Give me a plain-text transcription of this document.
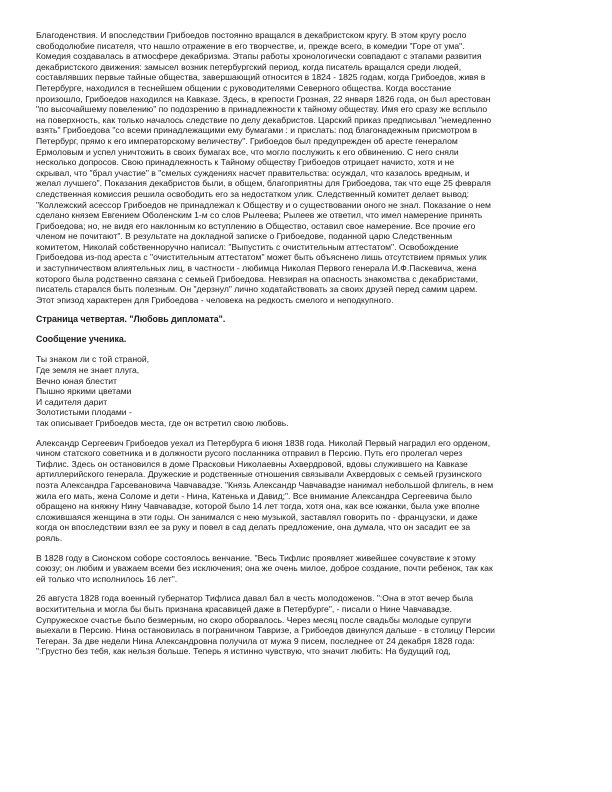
Благоденствия. И впоследствии Грибоедов постоянно вращался в декабристском кругу. В этом кругу росло

свободолюбие писателя, что нашло отражение в его творчестве, и, прежде всего, в комедии "Горе от ума".

Комедия создавалась в атмосфере декабризма. Этапы работы хронологически совпадают с этапами развития

декабристского движения: замысел возник петербургский период, когда писатель вращался среди людей,

составлявших первые тайные общества, завершающий относится в 1824 - 1825 годам, когда Грибоедов, живя в

Петербурге, находился в теснейшем общении с руководителями Северного общества. Когда восстание

произошло, Грибоедов находился на Кавказе. Здесь, в крепости Грозная, 22 января 1826 года, он был арестован

"по высочайшему повелению" по подозрению в принадлежности к тайному обществу. Имя его сразу же всплыло

на поверхность, как только началось следствие по делу декабристов. Царский приказ предписывал "немедленно

взять" Грибоедова "со всеми принадлежащими ему бумагами : и прислать: под благонадежным присмотром в

Петербург, прямо к его императорскому величеству". Грибоедов был предупрежден об аресте генералом

Ермоловым и успел уничтожить в своих бумагах все, что могло послужить к его обвинению. С него сняли

несколько допросов. Свою принадлежность к Тайному обществу Грибоедов отрицает начисто, хотя и не

скрывал, что "брал участие" в "смелых суждениях насчет правительства: осуждал, что казалось вредным, и

желал лучшего". Показания декабристов были, в общем, благоприятны для Грибоедова, так что еще 25 февраля

следственная комиссия решила освободить его за недостатком улик. Следственный комитет делает вывод:

"Коллежский асессор Грибоедов не принадлежал к Обществу и о существовании оного не знал. Показание о нем

сделано князем Евгением Оболенским 1-м со слов Рылеева; Рылеев же ответил, что имел намерение принять

Грибоедова; но, не видя его наклонным ко вступлению в Общество, оставил свое намерение. Все прочие его

членом не почитают". В результате на докладной записке о Грибоедове, поданной царю Следственным

комитетом, Николай собственноручно написал: "Выпустить с очистительным аттестатом". Освобождение

Грибоедова из-под ареста с "очистительным аттестатом" может быть объяснено лишь отсутствием прямых улик

и заступничеством влиятельных лиц, в частности - любимца Николая Первого генерала И.Ф.Паскевича, жена

которого была родственно связана с семьей Грибоедова. Невзирая на опасность знакомства с декабристами,

писатель старался быть полезным. Он "дерзнул" лично ходатайствовать за своих друзей перед самим царем.

Этот эпизод характерен для Грибоедова - человека на редкость смелого и неподкупного.

Страница четвертая. "Любовь дипломата".

Сообщение ученика.

Ты знаком ли с той страной,

Где земля не знает плуга,

Вечно юная блестит

Пышно яркими цветами

И садителя дарит

Золотистыми плодами -

так описывает Грибоедов места, где он встретил свою любовь.

Александр Сергеевич Грибоедов уехал из Петербурга 6 июня 1838 года. Николай Первый наградил его орденом,

чином статского советника и в должности русого посланника отправил в Персию. Путь его пролегал через

Тифлис. Здесь он остановился в доме Прасковьи Николаевны Ахвердровой, вдовы служившего на Кавказе

артиллерийского генерала. Дружеские и родственные отношения связывали Ахвердовых с семьей грузинского

поэта Александра Гарсевановича Чавчавадзе. "Князь Александр Чавчавадзе нанимал небольшой флигель, в нем

жила его мать, жена Соломе и дети - Нина, Катенька и Давид;". Все внимание Александра Сергеевича было

обращено на княжну Нину Чавчавадзе, которой было 14 лет тогда, хотя она, как все южанки, была уже вполне

сложившаяся женщина в эти годы. Он занимался с нею музыкой, заставлял говорить по - французски, и даже

когда он впоследствии взял ее за руку и повел в сад делать предложение, она думала, что он засадит ее за

рояль.

В 1828 году в Сионском соборе состоялось венчание. "Весь Тифлис проявляет живейшее сочувствие к этому

союзу; он любим и уважаем всеми без исключения; она же очень милое, доброе создание, почти ребенок, так как

ей только что исполнилось 16 лет".

26 августа 1828 года военный губернатор Тифлиса давал бал в честь молодоженов. ":Она в этот вечер была

восхитительна и могла бы быть признана красавицей даже в Петербурге", - писали о Нине Чавчавадзе.

Супружеское счастье было безмерным, но скоро оборвалось. Через месяц после свадьбы молодые супруги

выехали в Персию. Нина остановилась в пограничном Тавризе, а Грибоедов двинулся дальше - в столицу Персии

Тегеран. За две недели Нина Александровна получила от мужа 9 писем, последнее от 24 декабря 1828 года:

":Грустно без тебя, как нельзя больше. Теперь я истинно чувствую, что значит любить: На будущий год,
